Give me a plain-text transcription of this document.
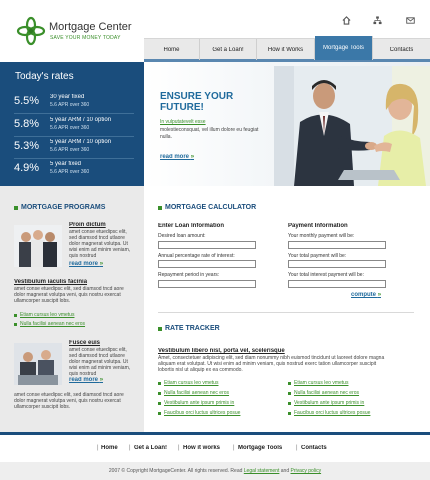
Mortgage Center
SAVE YOUR MONEY TODAY
Home	Get a Loan!	How it Works	Mortgage Tools	Contacts
Today's rates
5.5% 30 year fixed
5.6 APR over 360
5.8% 5 year ARM / 10 option
5.6 APR over 360
5.3% 5 year ARM / 10 option
5.6 APR over 360
4.9% 5 year fixed
5.6 APR over 360
ENSURE YOUR
FUTURE!
In vulputatevelt esse
molestieconsquat, vel illum dolore eu feugiat nulla.
read more »
MORTGAGE PROGRAMS
Proin dictum
amet conse etuedipsc elit, sed diamsod tncd utlaore dolor magnerat volutpa. Ut wisi enim ad minim veniam, quis nostrud
read more »
Vestibulum iaculis facinia
amet conse etuedipsc elit, sed diamsod tncd aore dolor magnerat volutpa veni, quis nostru exercat ullamcorper suscipit lobs.
Etiam cursus leo vmetus
Nulla facilisi aenean nec eros
Fusce euis
amet conse etuedipsc elit, sed diamsod tncd utlaore dolor magnerat volutpa. Ut wisi enim ad minim veniam, quis nostrud
read more »
amet conse etuedipsc elit, sed diamsod tncd aore dolor magnerat volutpa veni, quis nostru exercat ullamcorper suscipit lobs.
MORTGAGE CALCULATOR
Enter Loan Information	Payment Information
Desired loan amount:
Annual percentage rate of interest:
Repayment period in years:
Your monthly payment will be:
Your total payment will be:
Your total interest payment will be:
compute »
RATE TRACKER
Vestibulum libero nisl, porta vel, scelerisque
Amet, consectetuer adipiscing elit, sed diam nonummy nibh euismod tincidunt ut laoreet dolore magna aliquam erat volutpat. Ut wisi enim ad minim veniam, quis nostrud exerc tation ullamcorper suscipit lobortis nisl ut aliquip ex ea commodo.
Etiam cursus leo vmetus
Nulla facilisi aenean nec eros
Vestibulum ante ipsum primis in
Faucibus orci luctus ultrices posue
Etiam cursus leo vmetus
Nulla facilisi aenean nec eros
Vestibulum ante ipsum primis in
Faucibus orci luctus ultrices posue
| Home | Get a Loan! | How it works | Mortgage Tools | Contacts
2007 © Copyright MortgageCenter. All rights reserved. Read Legal statement and Privacy policy
